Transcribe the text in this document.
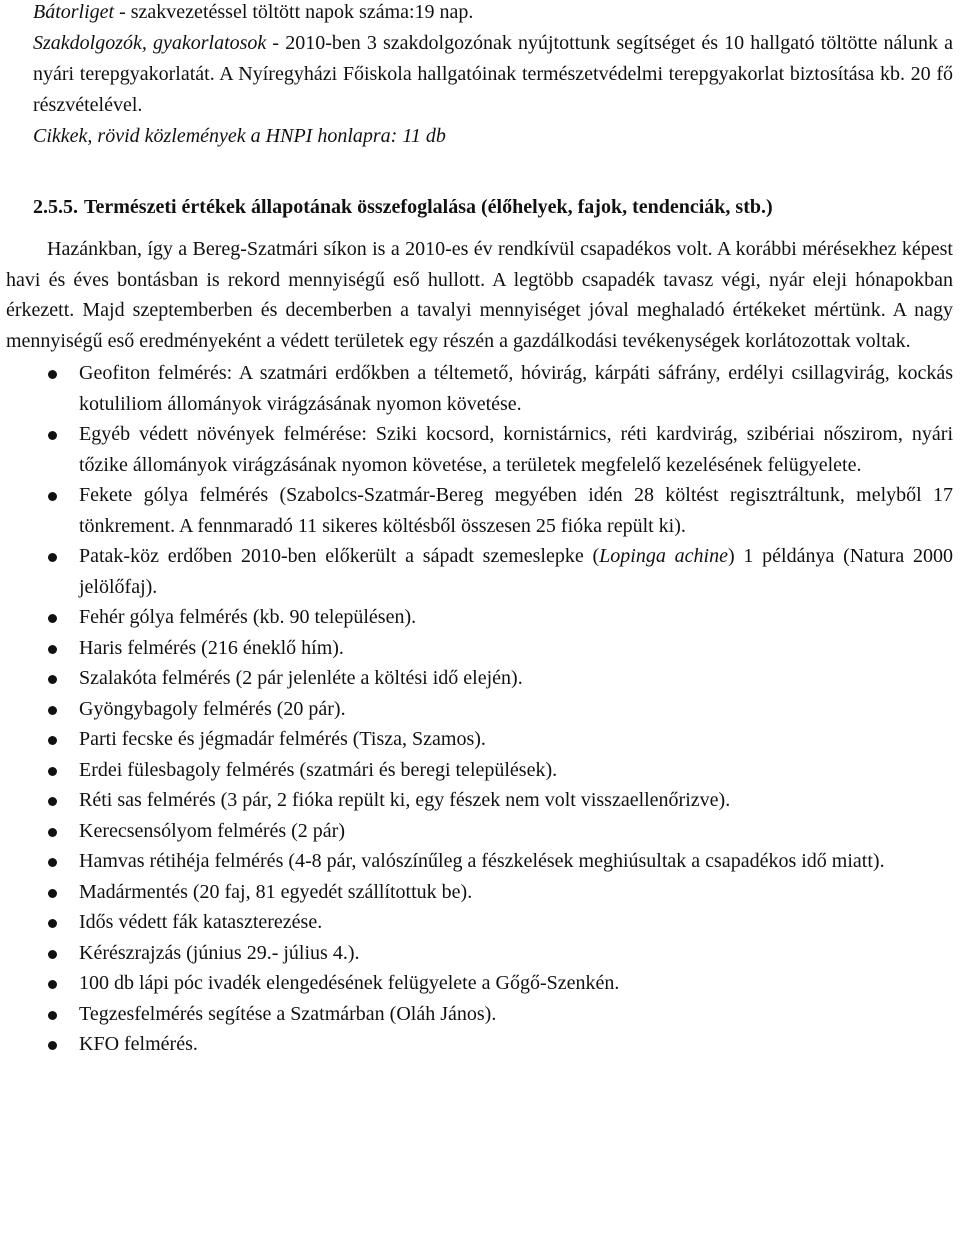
Bátorliget - szakvezetéssel töltött napok száma:19 nap.
Szakdolgozók, gyakorlatosok - 2010-ben 3 szakdolgozónak nyújtottunk segítséget és 10 hallgató töltötte nálunk a nyári terepgyakorlatát. A Nyíregyházi Főiskola hallgatóinak természetvédelmi terepgyakorlat biztosítása kb. 20 fő részvételével.
Cikkek, rövid közlemények a HNPI honlapra: 11 db
2.5.5. Természeti értékek állapotának összefoglalása (élőhelyek, fajok, tendenciák, stb.)
Hazánkban, így a Bereg-Szatmári síkon is a 2010-es év rendkívül csapadékos volt. A korábbi mérésekhez képest havi és éves bontásban is rekord mennyiségű eső hullott. A legtöbb csapadék tavasz végi, nyár eleji hónapokban érkezett. Majd szeptemberben és decemberben a tavalyi mennyiséget jóval meghaladó értékeket mértünk. A nagy mennyiségű eső eredményeként a védett területek egy részén a gazdálkodási tevékenységek korlátozottak voltak.
Geofiton felmérés: A szatmári erdőkben a téltemető, hóvirág, kárpáti sáfrány, erdélyi csillagvirág, kockás kotuliliom állományok virágzásának nyomon követése.
Egyéb védett növények felmérése: Sziki kocsord, kornistárnics, réti kardvirág, szibériai nőszirom, nyári tőzike állományok virágzásának nyomon követése, a területek megfelelő kezelésének felügyelete.
Fekete gólya felmérés (Szabolcs-Szatmár-Bereg megyében idén 28 költést regisztráltunk, melyből 17 tönkrement. A fennmaradó 11 sikeres költésből összesen 25 fióka repült ki).
Patak-köz erdőben 2010-ben előkerült a sápadt szemeslepke (Lopinga achine) 1 példánya (Natura 2000 jelölőfaj).
Fehér gólya felmérés (kb. 90 településen).
Haris felmérés (216 éneklő hím).
Szalakóta felmérés (2 pár jelenléte a költési idő elején).
Gyöngybagoly felmérés (20 pár).
Parti fecske és jégmadár felmérés (Tisza, Szamos).
Erdei fülesbagoly felmérés (szatmári és beregi települések).
Réti sas felmérés (3 pár, 2 fióka repült ki, egy fészek nem volt visszaellenőrizve).
Kerecsensólyom felmérés (2 pár)
Hamvas rétihéja felmérés (4-8 pár, valószínűleg a fészkelések meghiúsultak a csapadékos idő miatt).
Madármentés (20 faj, 81 egyedét szállítottuk be).
Idős védett fák kataszterezése.
Kérészrajzás (június 29.- július 4.).
100 db lápi póc ivadék elengedésének felügyelete a Gőgő-Szenkén.
Tegzesfelmérés segítése a Szatmárban (Oláh János).
KFO felmérés.
